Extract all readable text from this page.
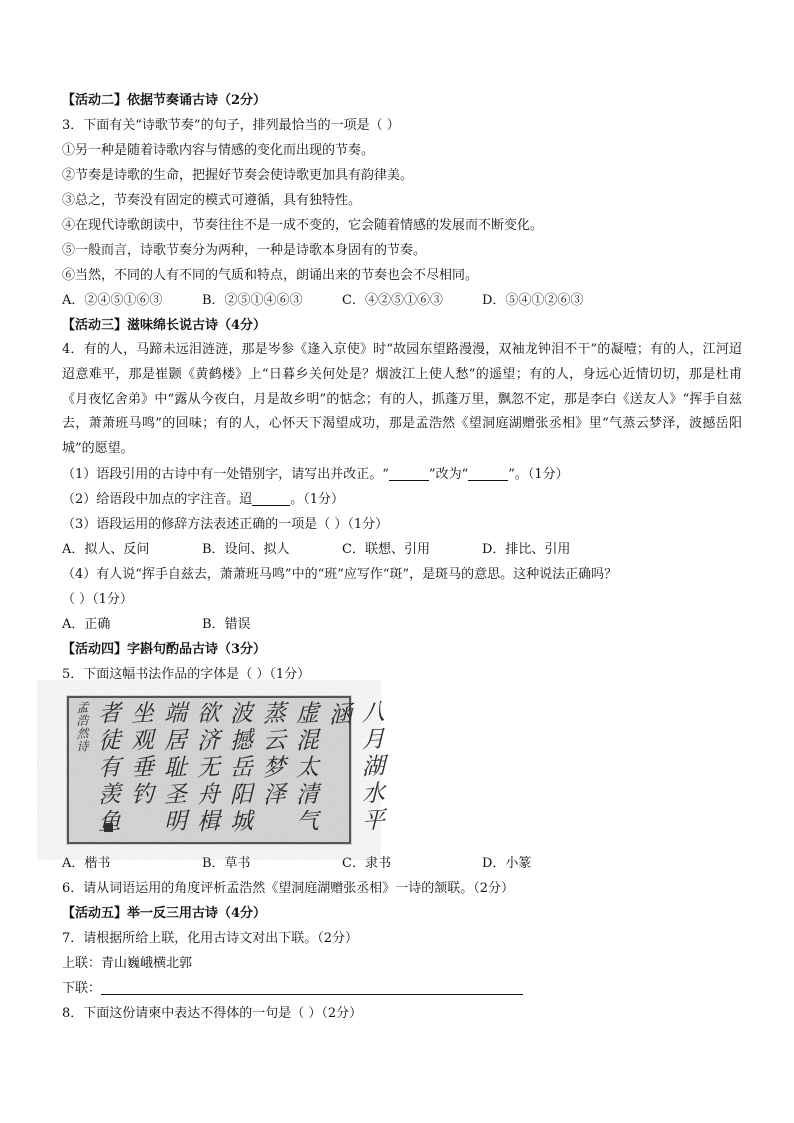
【活动二】依据节奏诵古诗（2分）
3．下面有关“诗歌节奏”的句子，排列最恰当的一项是（ ）
①另一种是随着诗歌内容与情感的变化而出现的节奏。
②节奏是诗歌的生命，把握好节奏会使诗歌更加具有韵律美。
③总之，节奏没有固定的模式可遵循，具有独特性。
④在现代诗歌朗读中，节奏往往不是一成不变的，它会随着情感的发展而不断变化。
⑤一般而言，诗歌节奏分为两种，一种是诗歌本身固有的节奏。
⑥当然，不同的人有不同的气质和特点，朗诵出来的节奏也会不尽相同。
A．②④⑤①⑥③	B．②⑤①④⑥③	C．④②⑤①⑥③	D．⑤④①②⑥③
【活动三】滋味绵长说古诗（4分）
4．有的人，马蹄未远泪涟涟，那是岑参《逢入京使》时“故园东望路漫漫，双袖龙钟泪不干”的凝噎；有的人，江河迢迢意难平，那是崔颢《黄鹤楼》上“日暮乡关何处是？烟波江上使人愁”的遥望；有的人，身远心近情切切，那是杜甫《月夜忆舍弟》中“露从今夜白，月是故乡明”的惦念；有的人，抓蓬万里，飘忽不定，那是李白《送友人》“挥手自兹去，萧萧班马鸣”的回味；有的人，心怀天下渴望成功，那是孟浩然《望洞庭湖赠张丞相》里“气蒸云梦泽，波撼岳阳城”的愿望。
（1）语段引用的古诗中有一处错别字，请写出并改正。“	”改为“	”。（1分）
（2）给语段中加点的字注音。迢	。（1分）
（3）语段运用的修辞方法表述正确的一项是（ ）（1分）
A．拟人、反问	B．设问、拟人	C．联想、引用	D．排比、引用
（4）有人说“挥手自兹去，萧萧班马鸣”中的“班”应写作“斑”，是斑马的意思。这种说法正确吗？
（ ）（1分）
A．正确	B．错误
【活动四】字斟句酌品古诗（3分）
5．下面这幅书法作品的字体是（ ）（1分）
八月湖水平涵
虚混太清气
蒸云梦泽
波撼岳阳城
欲济无舟楫
端居耻圣明
坐观垂钓
者徒有羡鱼
孟浩然诗
A．楷书	B．草书	C．隶书	D．小篆
6．请从词语运用的角度评析孟浩然《望洞庭湖赠张丞相》一诗的颔联。（2分）
【活动五】举一反三用古诗（4分）
7．请根据所给上联，化用古诗文对出下联。（2分）
上联：青山巍峨横北郭
下联：
8．下面这份请柬中表达不得体的一句是（ ）（2分）
